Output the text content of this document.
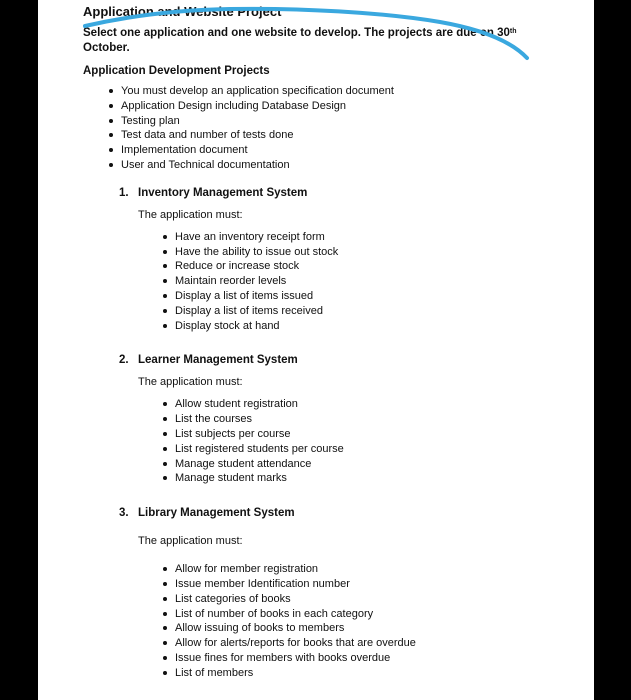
Application and Website Project
Select one application and one website to develop. The projects are due on 30th
October.
Application Development Projects
You must develop an application specification document
Application Design including Database Design
Testing plan
Test data and number of tests done
Implementation document
User and Technical documentation
1. Inventory Management System
The application must:
Have an inventory receipt form
Have the ability to issue out stock
Reduce or increase stock
Maintain reorder levels
Display a list of items issued
Display a list of items received
Display stock at hand
2. Learner Management System
The application must:
Allow student registration
List the courses
List subjects per course
List registered students per course
Manage student attendance
Manage student marks
3. Library Management System
The application must:
Allow for member registration
Issue member Identification number
List categories of books
List of number of books in each category
Allow issuing of books to members
Allow for alerts/reports for books that are overdue
Issue fines for members with books overdue
List of members
